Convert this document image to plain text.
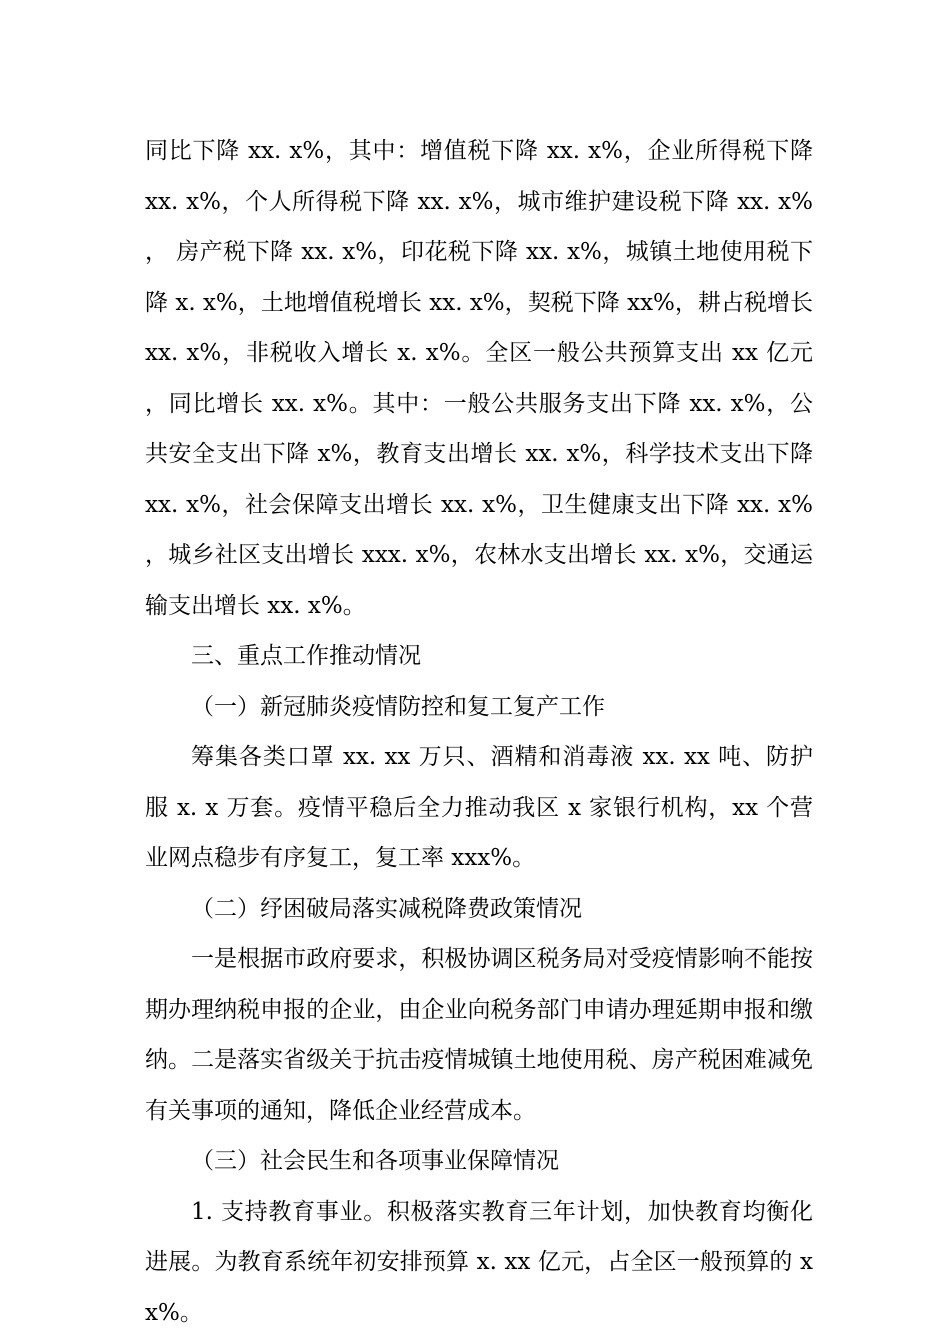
同比下降 xx. x%，其中：增值税下降 xx. x%，企业所得税下降 xx. x%，个人所得税下降 xx. x%，城市维护建设税下降 xx. x%， 房产税下降 xx. x%，印花税下降 xx. x%，城镇土地使用税下降 x. x%，土地增值税增长 xx. x%，契税下降 xx%，耕占税增长 xx. x%，非税收入增长 x. x%。全区一般公共预算支出 xx 亿元，同比增长 xx. x%。其中：一般公共服务支出下降 xx. x%，公共安全支出下降 x%，教育支出增长 xx. x%，科学技术支出下降 xx. x%，社会保障支出增长 xx. x%，卫生健康支出下降 xx. x%，城乡社区支出增长 xxx. x%，农林水支出增长 xx. x%，交通运输支出增长 xx. x%。

三、重点工作推动情况

（一）新冠肺炎疫情防控和复工复产工作

筹集各类口罩 xx. xx 万只、酒精和消毒液 xx. xx 吨、防护服 x. x 万套。疫情平稳后全力推动我区 x 家银行机构，xx 个营业网点稳步有序复工，复工率 xxx%。

（二）纾困破局落实减税降费政策情况

一是根据市政府要求，积极协调区税务局对受疫情影响不能按期办理纳税申报的企业，由企业向税务部门申请办理延期申报和缴纳。二是落实省级关于抗击疫情城镇土地使用税、房产税困难减免有关事项的通知，降低企业经营成本。

（三）社会民生和各项事业保障情况

1. 支持教育事业。积极落实教育三年计划，加快教育均衡化进展。为教育系统年初安排预算 x. xx 亿元，占全区一般预算的 xx%。
